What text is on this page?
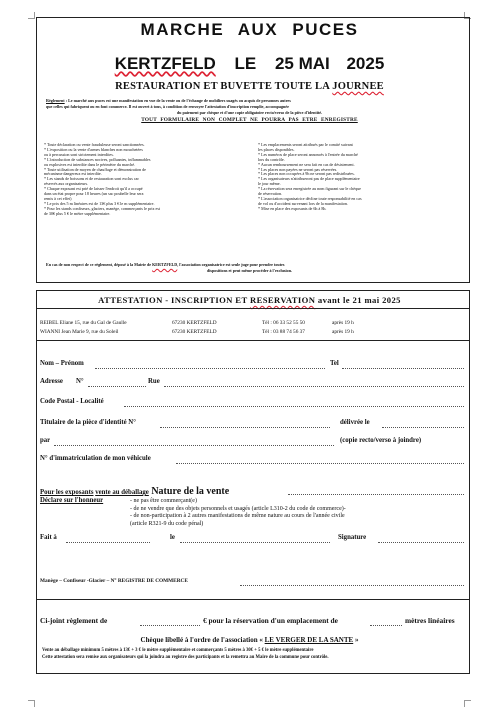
MARCHE AUX PUCES
KERTZFELD LE 25 MAI 2025
RESTAURATION ET BUVETTE TOUTE LA JOURNEE
Règlement : Le marché aux puces est une manifestation en vue de la vente ou de l'échange de mobiliers usagés ou acquis de personnes autres
que celles qui fabriquent ou en font commerce. Il est ouvert à tous, à condition de renvoyer l'attestation d'inscription remplie, accompagnée
du paiement par chèque et d'une copie obligatoire recto/verso de la pièce d'identité.
TOUT FORMULAIRE NON COMPLET NE POURRA PAS ETRE ENREGISTRE
* Toute déclaration ou vente frauduleuse seront sanctionnées.
* L'exposition ou la vente d'armes blanches non mouchetées
ou à percussion sont strictement interdites.
* L'introduction de substances nocives, polluantes, inflammables
ou explosives est interdite dans le périmètre du marché.
* Toute utilisation de moyen de chauffage et démonstration de
mécanisme dangereux est interdite.
* Les stands de boissons et de restauration sont exclus car
réservés aux organisateurs.
* Chaque exposant est prié de laisser l'endroit qu'il a occupé
dans un état propre pour 18 heures (un sac poubelle leur sera
remis à cet effet)
* Le prix des 5 m linéaires est de 13€ plus 3 € le m supplémentaire.
* Pour les stands confiseurs, glaciers, manège, commerçants le prix est
de 30€ plus 5 € le mètre supplémentaire.
* Les emplacements seront attribués par le comité suivant
les places disponibles.
* Les numéros de place seront annoncés à l'entrée du marché
lors du contrôle.
* Aucun remboursement ne sera fait en cas de désistement.
* Les places non payées ne seront pas réservées.
* Les places non occupées à 9h ne seront pas redistribuées.
* Les organisateurs n'attribueront pas de place supplémentaire
le jour même.
* La réservation sera enregistrée au nom figurant sur le chèque
de réservation.
* L'association organisatrice décline toute responsabilité en cas
de vol ou d'accident survenant lors de la manifestation.
* Mise en place des exposants de 6h à 8h.
En cas de non respect de ce règlement, déposé à la Mairie de KERTZFELD, l'association organisatrice est seule juge pour prendre toutes
dispositions et peut même procéder à l'exclusion.
ATTESTATION - INSCRIPTION ET RESERVATION avant le 21 mai 2025
REIBEL Eliane 15, rue du Gal de Gaulle	67230 KERTZFELD	Tél : 06 33 52 55 50	après 19 h
WIANNI Jean Marie 9, rue du Soleil	67230 KERTZFELD	Tél : 03 88 74 56 37	après 19 h
Nom – Prénom	Tel
Adresse N°	Rue
Code Postal - Localité
Titulaire de la pièce d'identité N°	délivrée le
par	(copie recto/verso à joindre)
N° d'immatriculation de mon véhicule
Pour les exposants vente au déballage Nature de la vente
Déclare sur l'honneur	- ne pas être commerçant(e)
- de ne vendre que des objets personnels et usagés (article L310-2 du code de commerce)-
- de non-participation à 2 autres manifestations de même nature au cours de l'année civile
(article R321-9 du code pénal)
Fait à	le	Signature
Manège – Confiseur -Glacier – N° REGISTRE DE COMMERCE
Ci-joint règlement de	€ pour la réservation d'un emplacement de	mètres linéaires
Chèque libellé à l'ordre de l'association « LE VERGER DE LA SANTE »
Vente au déballage minimum 5 mètres à 13€ + 3 € le mètre supplémentaire et commerçants 5 mètres à 30€ + 5 € le mètre supplémentaire
Cette attestation sera remise aux organisateurs qui la joindra au registre des participants et la remettra au Maire de la commune pour contrôle.
